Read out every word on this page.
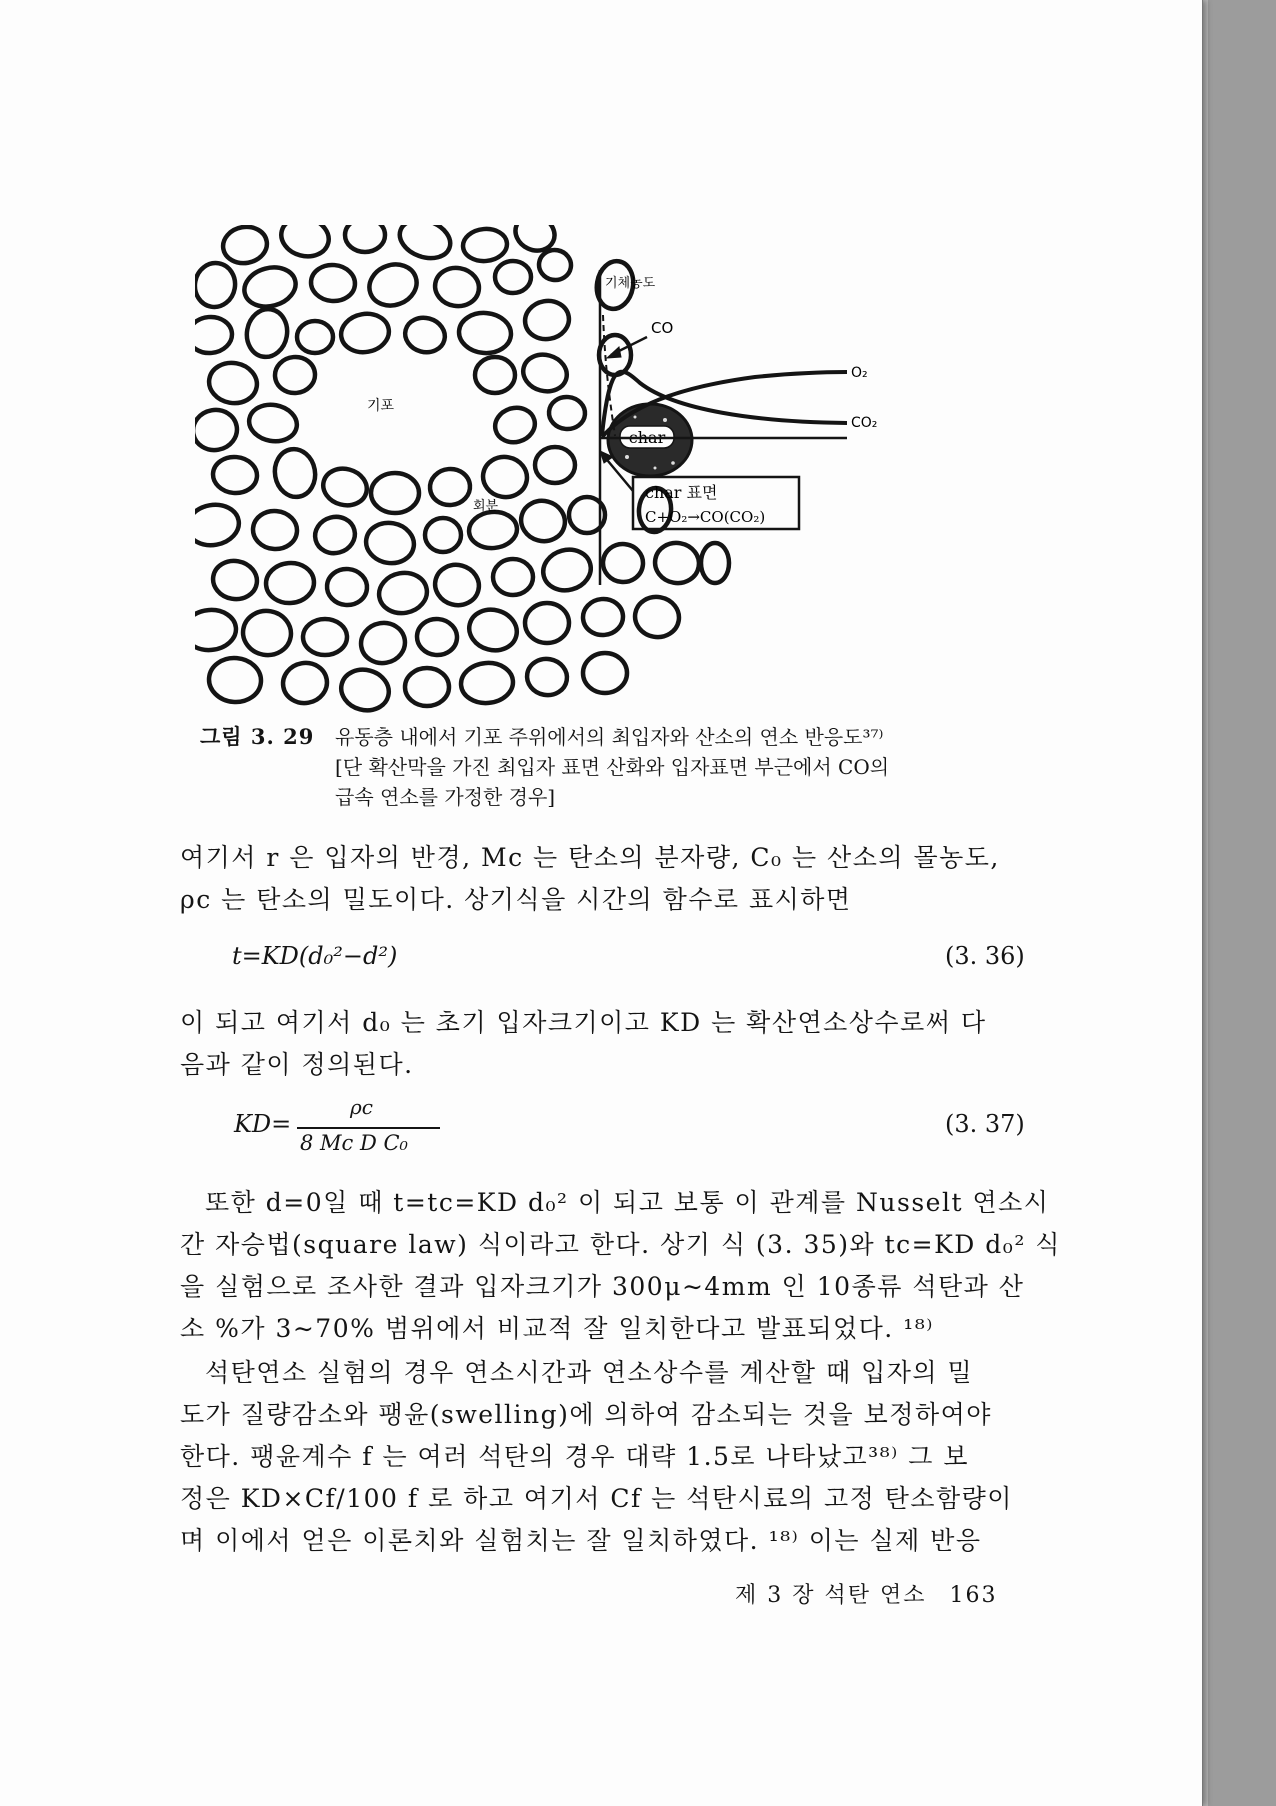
char
기체농도
CO
O₂
CO₂
char 표면
C+O₂→CO(CO₂)
기포
회분
그림 3. 29 유동층 내에서 기포 주위에서의 최입자와 산소의 연소 반응도³⁷⁾
[단 확산막을 가진 최입자 표면 산화와 입자표면 부근에서 CO의
급속 연소를 가정한 경우]
여기서 r 은 입자의 반경, Mc 는 탄소의 분자량, C₀ 는 산소의 몰농도,
ρc 는 탄소의 밀도이다. 상기식을 시간의 함수로 표시하면
t=KD(d₀²−d²)	(3. 36)
이 되고 여기서 d₀ 는 초기 입자크기이고 KD 는 확산연소상수로써 다
음과 같이 정의된다.
KD=
ρc
8 Mc D C₀
(3. 37)
또한 d=0일 때 t=tc=KD d₀² 이 되고 보통 이 관계를 Nusselt 연소시
간 자승법(square law) 식이라고 한다. 상기 식 (3. 35)와 tc=KD d₀² 식
을 실험으로 조사한 결과 입자크기가 300μ∼4mm 인 10종류 석탄과 산
소 %가 3∼70% 범위에서 비교적 잘 일치한다고 발표되었다. ¹⁸⁾
석탄연소 실험의 경우 연소시간과 연소상수를 계산할 때 입자의 밀
도가 질량감소와 팽윤(swelling)에 의하여 감소되는 것을 보정하여야
한다. 팽윤계수 f 는 여러 석탄의 경우 대략 1.5로 나타났고³⁸⁾ 그 보
정은 KD×Cf/100 f 로 하고 여기서 Cf 는 석탄시료의 고정 탄소함량이
며 이에서 얻은 이론치와 실험치는 잘 일치하였다. ¹⁸⁾ 이는 실제 반응
제 3 장 석탄 연소 163
